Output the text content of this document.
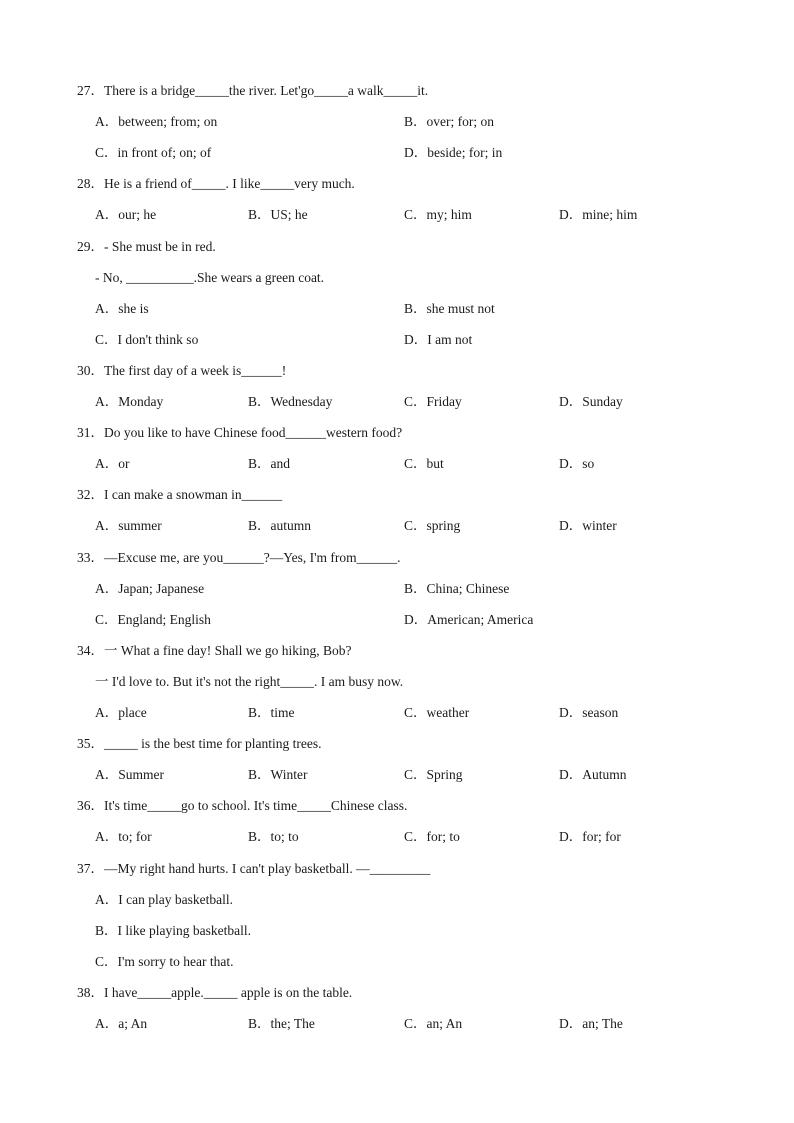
27． There is a bridge_____the river. Let'go_____a walk_____it.
A．between; from; on	B．over; for; on
C．in front of; on; of	D．beside; for; in
28． He is a friend of_____. I like_____very much.
A．our; he	B．US; he	C．my; him	D．mine; him
29． - She must be in red.
- No, __________.She wears a green coat.
A．she is	B．she must not
C．I don't think so	D．I am not
30． The first day of a week is______!
A．Monday	B．Wednesday	C．Friday	D．Sunday
31． Do you like to have Chinese food______western food?
A．or	B．and	C．but	D．so
32． I can make a snowman in______
A．summer	B．autumn	C．spring	D．winter
33． —Excuse me, are you______?—Yes, I'm from______.
A．Japan; Japanese	B．China; Chinese
C．England; English	D．American; America
34． 一 What a fine day! Shall we go hiking, Bob?
一 I'd love to. But it's not the right_____. I am busy now.
A．place	B．time	C．weather	D．season
35． _____ is the best time for planting trees.
A．Summer	B．Winter	C．Spring	D．Autumn
36． It's time_____go to school. It's time_____Chinese class.
A．to; for	B．to; to	C．for; to	D．for; for
37． —My right hand hurts. I can't play basketball. —_________
A．I can play basketball.
B．I like playing basketball.
C．I'm sorry to hear that.
38． I have_____apple._____ apple is on the table.
A．a; An	B．the; The	C．an; An	D．an; The
